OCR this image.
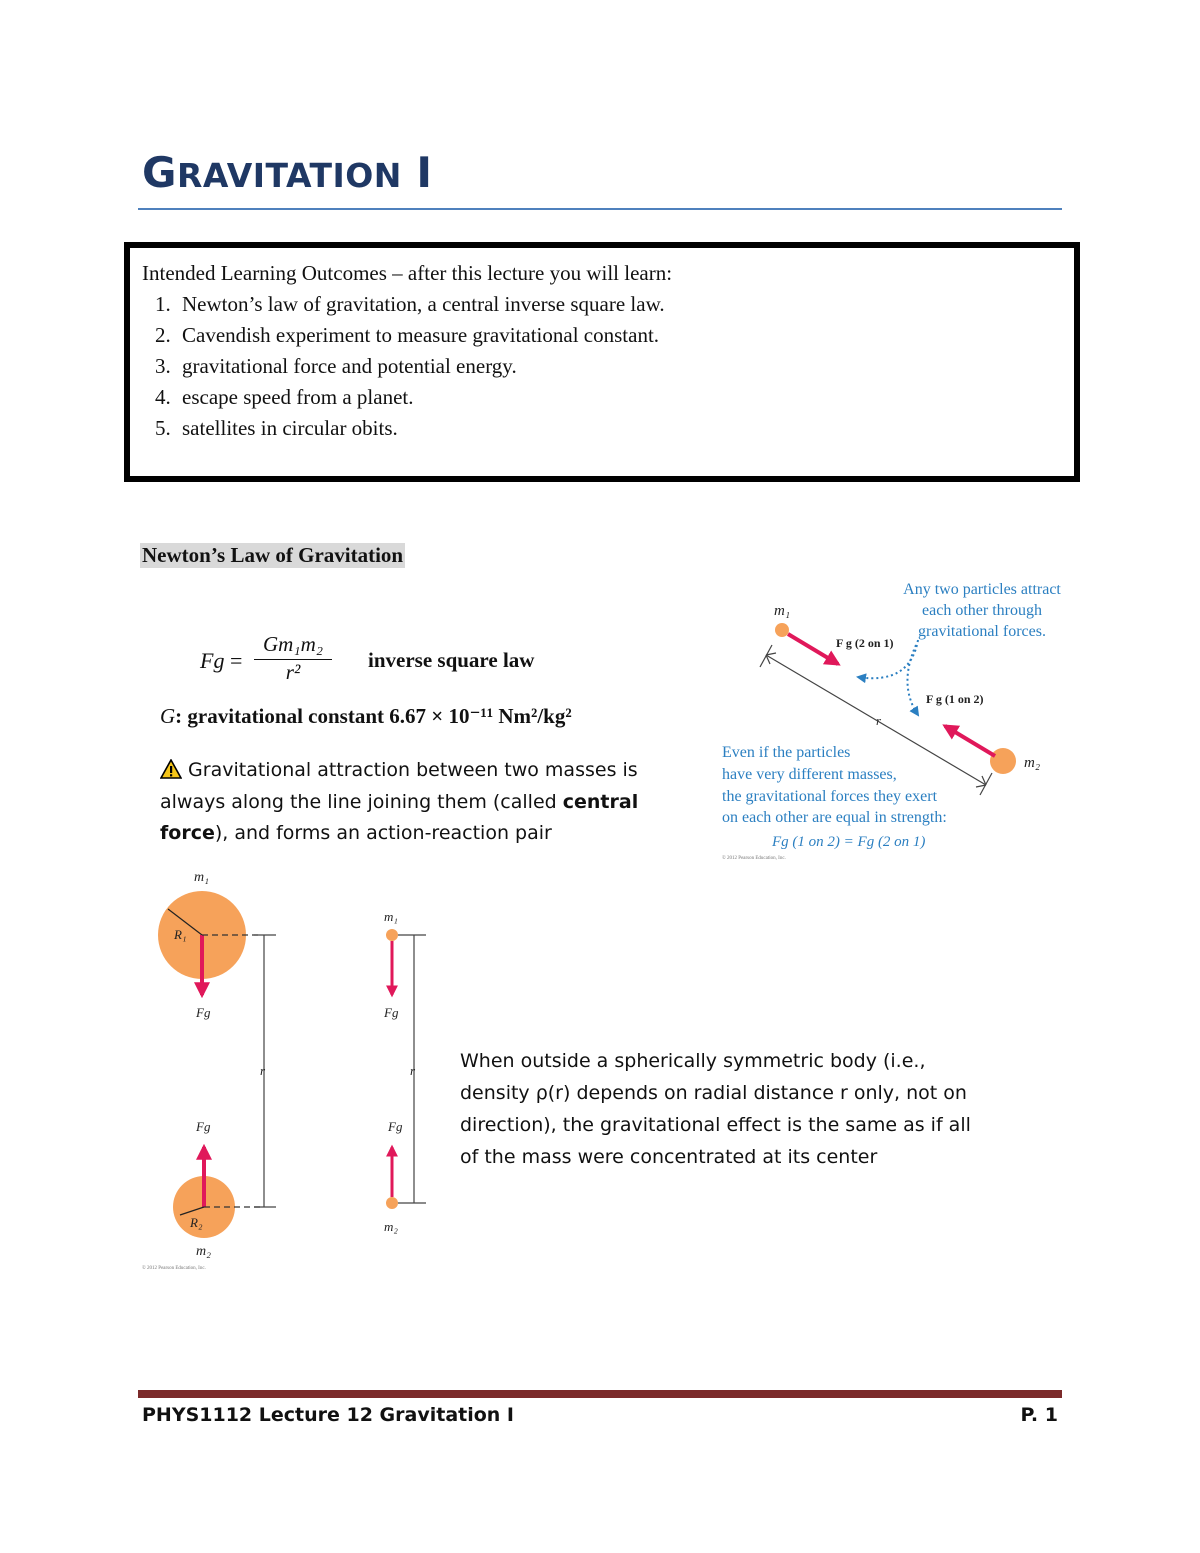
GRAVITATION I
Intended Learning Outcomes – after this lecture you will learn:
1. Newton’s law of gravitation, a central inverse square law.
2. Cavendish experiment to measure gravitational constant.
3. gravitational force and potential energy.
4. escape speed from a planet.
5. satellites in circular obits.
Newton’s Law of Gravitation
$Fg = \frac{\text{Gm₁m₂}}{\text{r²}}$ inverse square law
G: gravitational constant 6.67 × 10⁻¹¹ Nm²/kg²
Gravitational attraction between two masses is always along the line joining them (called central force), and forms an action-reaction pair
r
m₁
m₂
F g (2 on 1)
F g (1 on 2)
Any two particles attract
each other through
gravitational forces.
Even if the particles
have very different masses,
the gravitational forces they exert
on each other are equal in strength:
Fg (1 on 2) = Fg (2 on 1)
© 2012 Pearson Education, Inc.
m₁
R₁
Fg
r
Fg
R₂
m₂
© 2012 Pearson Education, Inc.
m₁
Fg
r
Fg
m₂
When outside a spherically symmetric body (i.e., density ρ(r) depends on radial distance r only, not on direction), the gravitational effect is the same as if all of the mass were concentrated at its center
PHYS1112 Lecture 12 Gravitation I	P. 1
